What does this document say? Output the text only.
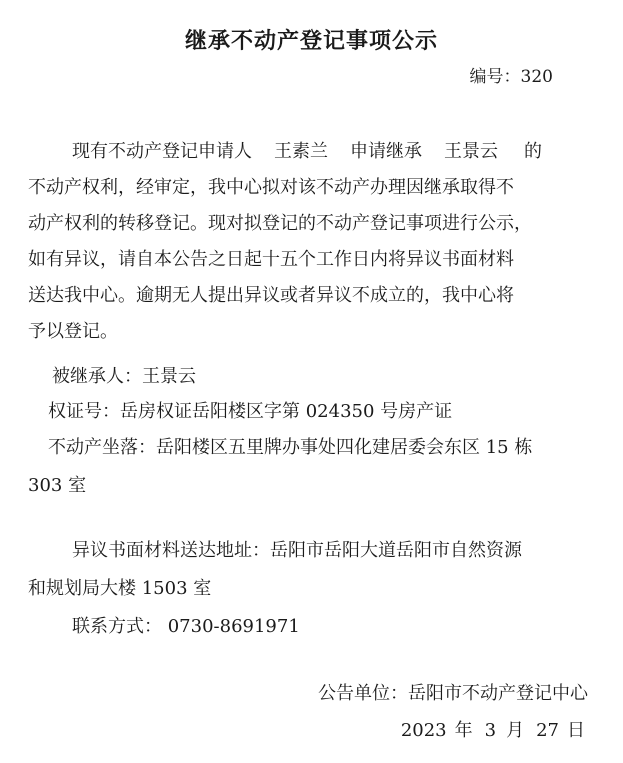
继承不动产登记事项公示
编号：320
现有不动产登记申请人 王素兰 申请继承 王景云 的
不动产权利，经审定，我中心拟对该不动产办理因继承取得不
动产权利的转移登记。现对拟登记的不动产登记事项进行公示，
如有异议，请自本公告之日起十五个工作日内将异议书面材料
送达我中心。逾期无人提出异议或者异议不成立的，我中心将
予以登记。
被继承人：王景云
权证号：岳房权证岳阳楼区字第 024350 号房产证
不动产坐落：岳阳楼区五里牌办事处四化建居委会东区 15 栋
303 室
异议书面材料送达地址：岳阳市岳阳大道岳阳市自然资源
和规划局大楼 1503 室
联系方式： 0730-8691971
公告单位：岳阳市不动产登记中心
2023 年 3 月 27 日
